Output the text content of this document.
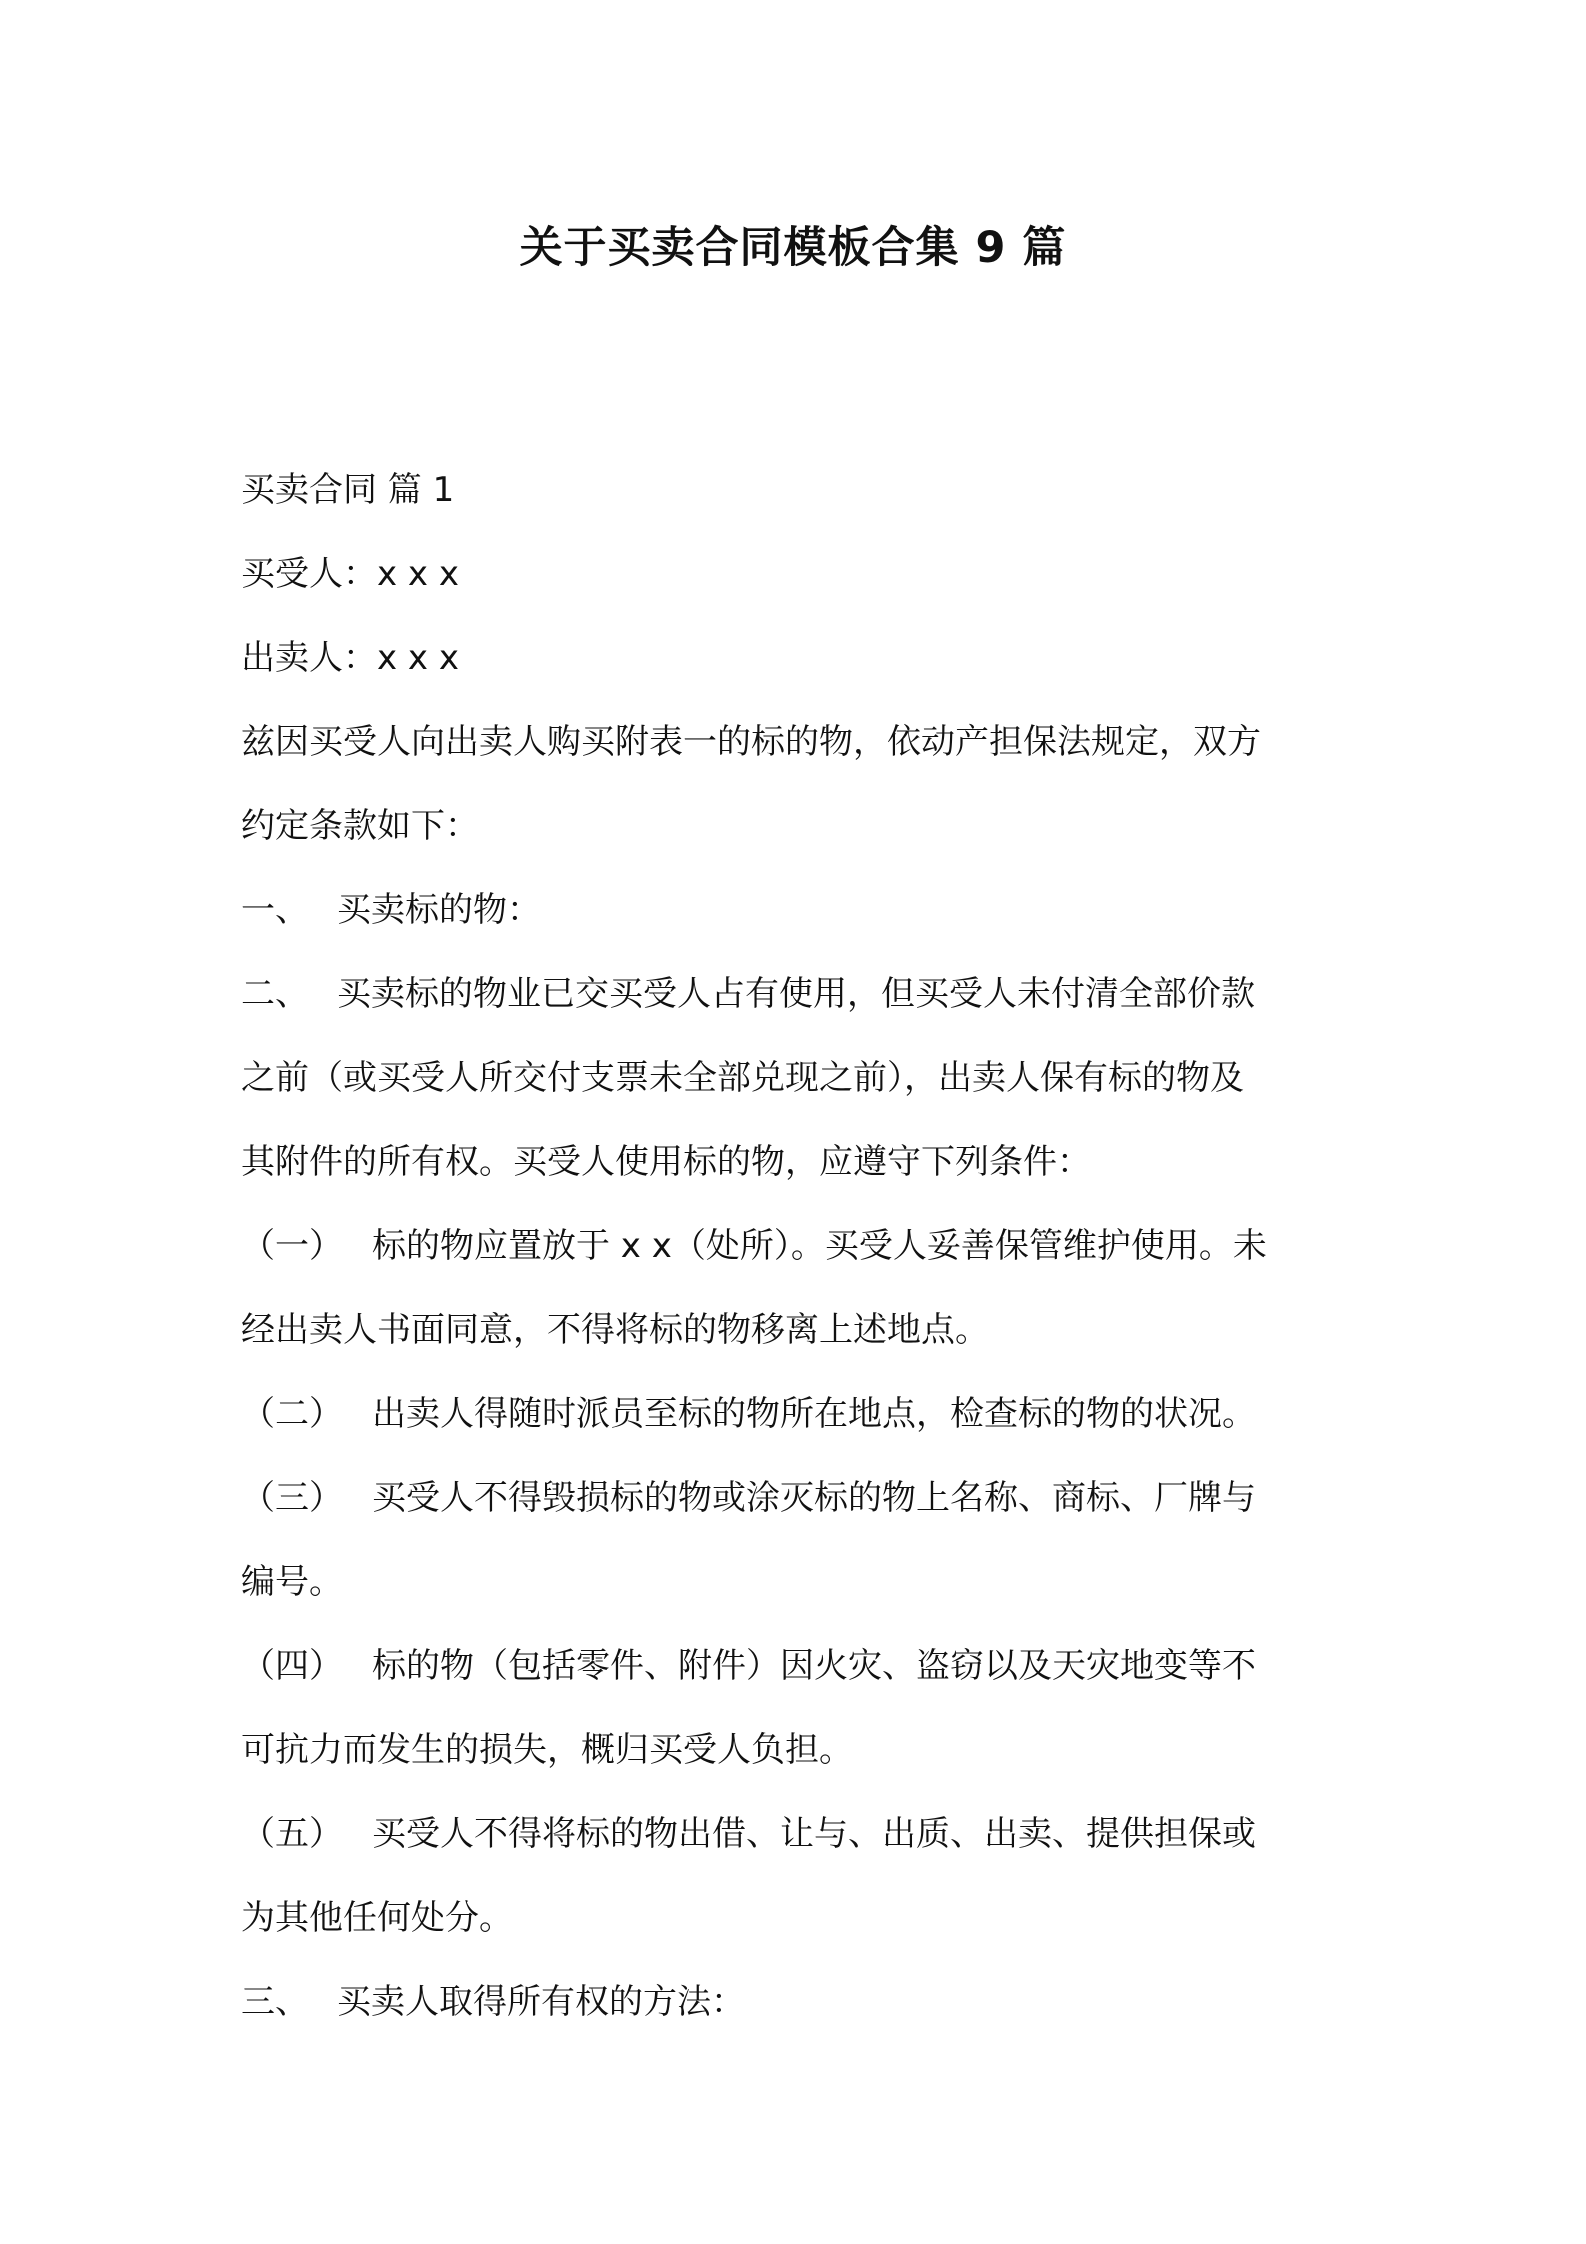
关于买卖合同模板合集 9 篇

买卖合同 篇 1

买受人：x x x

出卖人：x x x

兹因买受人向出卖人购买附表一的标的物，依动产担保法规定，双方

约定条款如下：

一、 买卖标的物：

二、 买卖标的物业已交买受人占有使用，但买受人未付清全部价款

之前（或买受人所交付支票未全部兑现之前），出卖人保有标的物及

其附件的所有权。买受人使用标的物，应遵守下列条件：

（一） 标的物应置放于 x x（处所）。买受人妥善保管维护使用。未

经出卖人书面同意，不得将标的物移离上述地点。

（二） 出卖人得随时派员至标的物所在地点，检查标的物的状况。

（三） 买受人不得毁损标的物或涂灭标的物上名称、商标、厂牌与

编号。

（四） 标的物（包括零件、附件）因火灾、盗窃以及天灾地变等不

可抗力而发生的损失，概归买受人负担。

（五） 买受人不得将标的物出借、让与、出质、出卖、提供担保或

为其他任何处分。

三、 买卖人取得所有权的方法：
